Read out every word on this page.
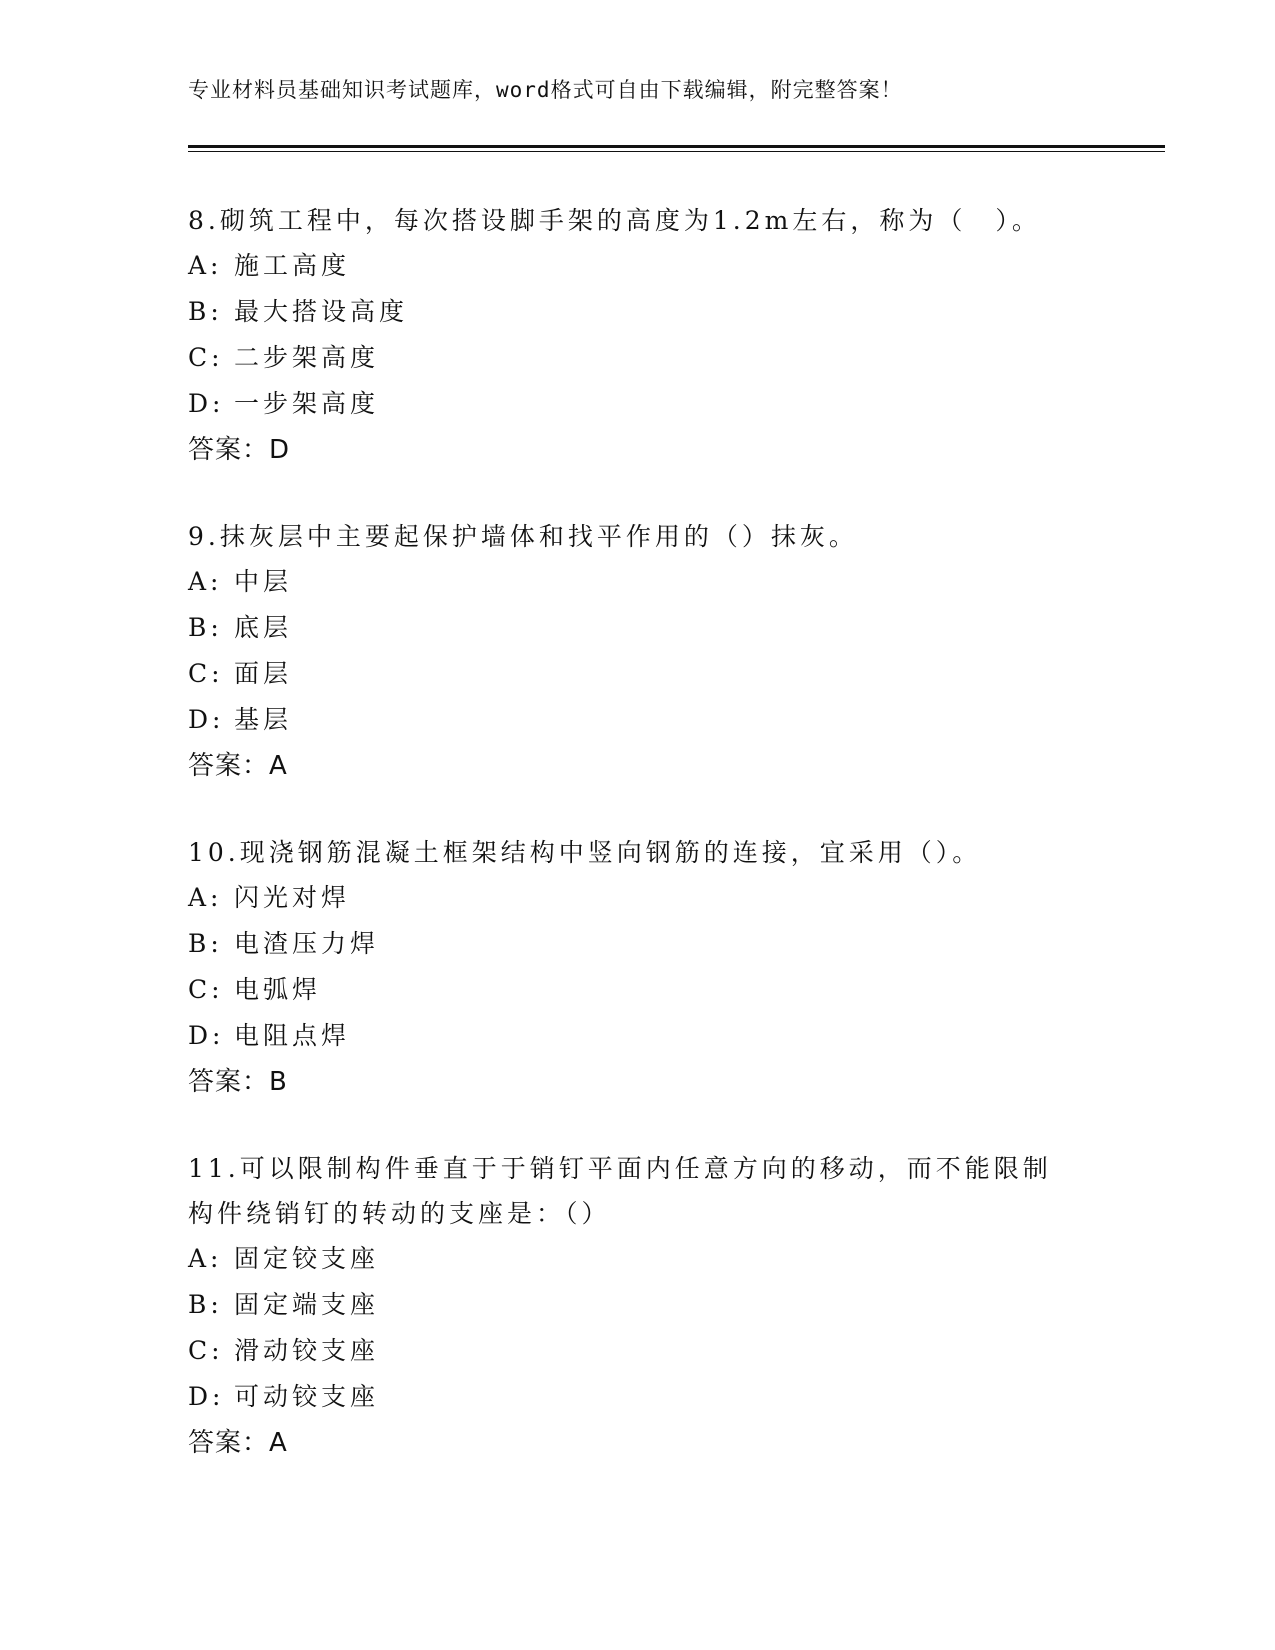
专业材料员基础知识考试题库，word格式可自由下载编辑，附完整答案！

8.砌筑工程中，每次搭设脚手架的高度为1.2m左右，称为（　）。

A: 施工高度
B: 最大搭设高度
C: 二步架高度
D: 一步架高度
答案：D

9.抹灰层中主要起保护墙体和找平作用的（）抹灰。

A: 中层
B: 底层
C: 面层
D: 基层
答案：A

10.现浇钢筋混凝土框架结构中竖向钢筋的连接，宜采用（）。

A: 闪光对焊
B: 电渣压力焊
C: 电弧焊
D: 电阻点焊
答案：B

11.可以限制构件垂直于于销钉平面内任意方向的移动，而不能限制构件绕销钉的转动的支座是：（）

A: 固定铰支座
B: 固定端支座
C: 滑动铰支座
D: 可动铰支座
答案：A
